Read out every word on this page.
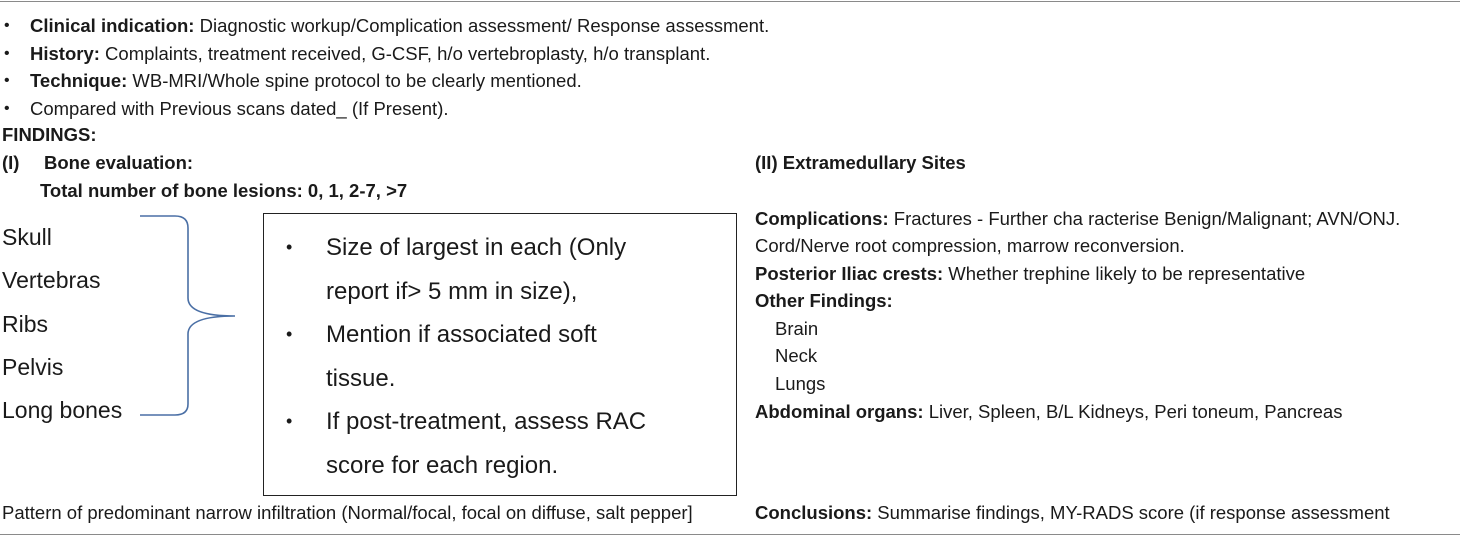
• Clinical indication: Diagnostic workup/Complication assessment/ Response assessment.
• History: Complaints, treatment received, G-CSF, h/o vertebroplasty, h/o transplant.
• Technique: WB-MRI/Whole spine protocol to be clearly mentioned.
• Compared with Previous scans dated_ (If Present).
FINDINGS:
(I) Bone evaluation:
Total number of bone lesions: 0, 1, 2-7, >7
Skull
Vertebras
Ribs
Pelvis
Long bones
• Size of largest in each (Only
report if> 5 mm in size),
• Mention if associated soft
tissue.
• If post-treatment, assess RAC
score for each region.
Pattern of predominant narrow infiltration (Normal/focal, focal on diffuse, salt pepper]
(II) Extramedullary Sites
Complications: Fractures - Further cha racterise Benign/Malignant; AVN/ONJ.
Cord/Nerve root compression, marrow reconversion.
Posterior Iliac crests: Whether trephine likely to be representative
Other Findings:
Brain
Neck
Lungs
Abdominal organs: Liver, Spleen, B/L Kidneys, Peri toneum, Pancreas
Conclusions: Summarise findings, MY-RADS score (if response assessment
